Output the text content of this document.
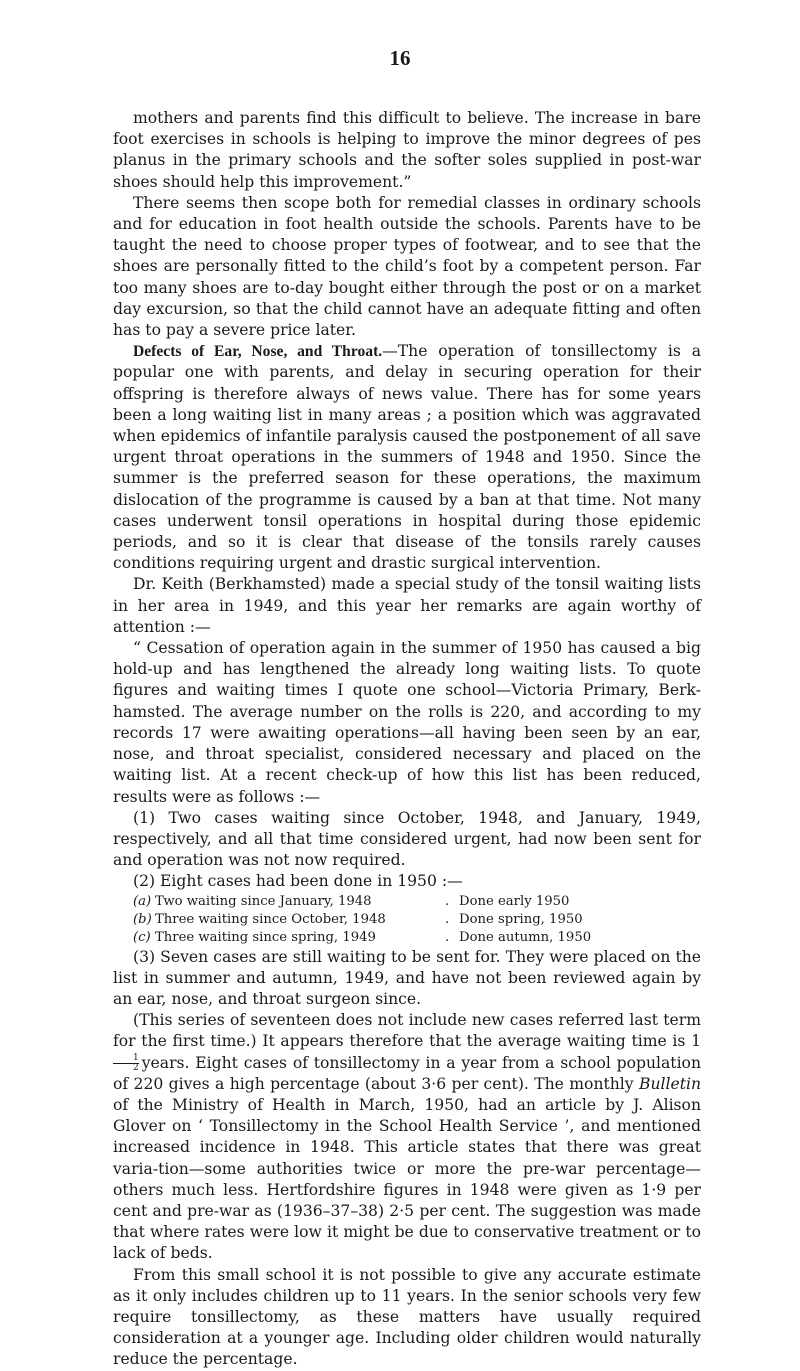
16

mothers and parents find this difficult to believe. The increase in bare foot exercises in schools is helping to improve the minor degrees of pes planus in the primary schools and the softer soles supplied in post-war shoes should help this improvement.”

There seems then scope both for remedial classes in ordinary schools and for education in foot health outside the schools. Parents have to be taught the need to choose proper types of footwear, and to see that the shoes are personally fitted to the child’s foot by a competent person. Far too many shoes are to-day bought either through the post or on a market day excursion, so that the child cannot have an adequate fitting and often has to pay a severe price later.

Defects of Ear, Nose, and Throat.—The operation of tonsillectomy is a popular one with parents, and delay in securing operation for their offspring is therefore always of news value. There has for some years been a long waiting list in many areas ; a position which was aggravated when epidemics of infantile paralysis caused the postponement of all save urgent throat operations in the summers of 1948 and 1950. Since the summer is the preferred season for these operations, the maximum dislocation of the programme is caused by a ban at that time. Not many cases underwent tonsil operations in hospital during those epidemic periods, and so it is clear that disease of the tonsils rarely causes conditions requiring urgent and drastic surgical intervention.

Dr. Keith (Berkhamsted) made a special study of the tonsil waiting lists in her area in 1949, and this year her remarks are again worthy of attention :—

“ Cessation of operation again in the summer of 1950 has caused a big hold-up and has lengthened the already long waiting lists. To quote figures and waiting times I quote one school—Victoria Primary, Berk-hamsted. The average number on the rolls is 220, and according to my records 17 were awaiting operations—all having been seen by an ear, nose, and throat specialist, considered necessary and placed on the waiting list. At a recent check-up of how this list has been reduced, results were as follows :—

(1) Two cases waiting since October, 1948, and January, 1949, respectively, and all that time considered urgent, had now been sent for and operation was not now required.

(2) Eight cases had been done in 1950 :—

(a) Two waiting since January, 1948	. Done early 1950
(b) Three waiting since October, 1948	. Done spring, 1950
(c) Three waiting since spring, 1949	. Done autumn, 1950

(3) Seven cases are still waiting to be sent for. They were placed on the list in summer and autumn, 1949, and have not been reviewed again by an ear, nose, and throat surgeon since.

(This series of seventeen does not include new cases referred last term for the first time.) It appears therefore that the average waiting time is 1
$\frac{1}{2}$ years. Eight cases of tonsillectomy in a year from a school population of 220 gives a high percentage (about 3·6 per cent). The monthly Bulletin of the Ministry of Health in March, 1950, had an article by J. Alison Glover on ‘ Tonsillectomy in the School Health Service ’, and mentioned increased incidence in 1948. This article states that there was great varia-tion—some authorities twice or more the pre-war percentage—others much less. Hertfordshire figures in 1948 were given as 1·9 per cent and pre-war as (1936–37–38) 2·5 per cent. The suggestion was made that where rates were low it might be due to conservative treatment or to lack of beds.

From this small school it is not possible to give any accurate estimate as it only includes children up to 11 years. In the senior schools very few require tonsillectomy, as these matters have usually required consideration at a younger age. Including older children would naturally reduce the percentage.
